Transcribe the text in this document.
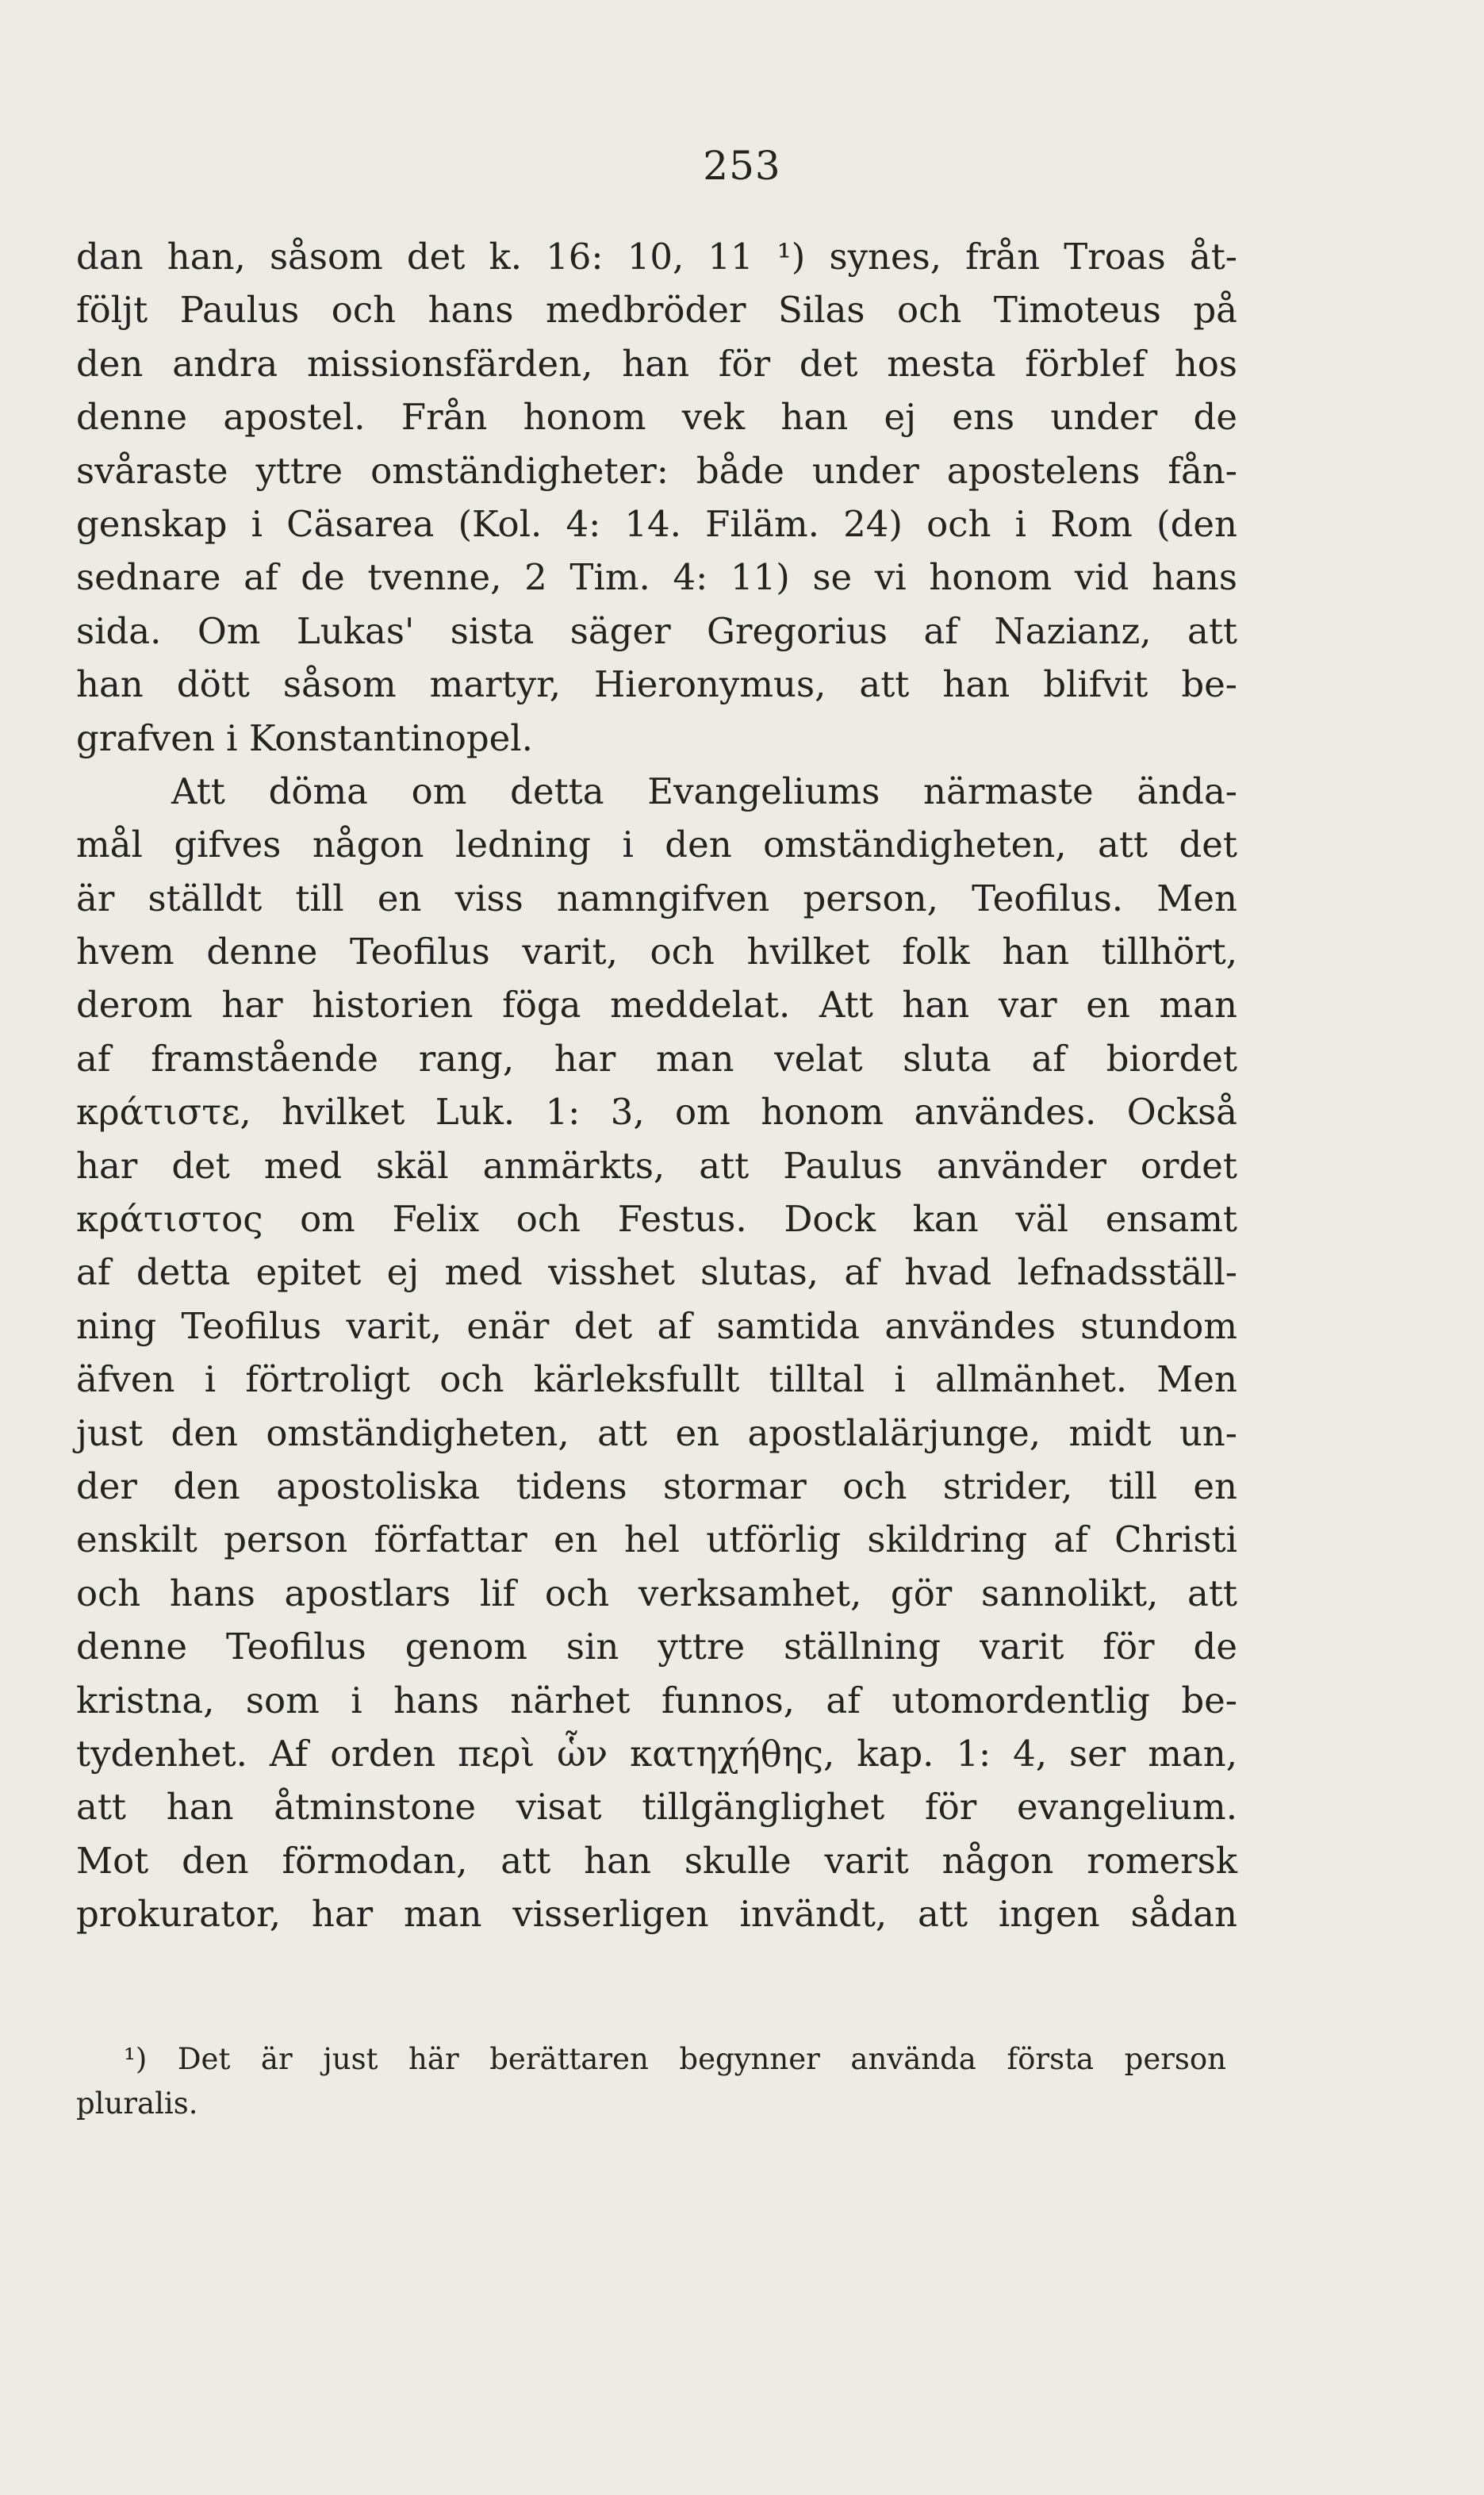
253
dan han, såsom det k. 16: 10, 11 ¹) synes, från Troas åt-
följt Paulus och hans medbröder Silas och Timoteus på
den andra missionsfärden, han för det mesta förblef hos
denne apostel. Från honom vek han ej ens under de
svåraste yttre omständigheter: både under apostelens fån-
genskap i Cäsarea (Kol. 4: 14. Filäm. 24) och i Rom (den
sednare af de tvenne, 2 Tim. 4: 11) se vi honom vid hans
sida. Om Lukas' sista säger Gregorius af Nazianz, att
han dött såsom martyr, Hieronymus, att han blifvit be-
grafven i Konstantinopel.
Att döma om detta Evangeliums närmaste ända-
mål gifves någon ledning i den omständigheten, att det
är ställdt till en viss namngifven person, Teofilus. Men
hvem denne Teofilus varit, och hvilket folk han tillhört,
derom har historien föga meddelat. Att han var en man
af framstående rang, har man velat sluta af biordet
κράτιστε, hvilket Luk. 1: 3, om honom användes. Också
har det med skäl anmärkts, att Paulus använder ordet
κράτιστος om Felix och Festus. Dock kan väl ensamt
af detta epitet ej med visshet slutas, af hvad lefnadsställ-
ning Teofilus varit, enär det af samtida användes stundom
äfven i förtroligt och kärleksfullt tilltal i allmänhet. Men
just den omständigheten, att en apostlalärjunge, midt un-
der den apostoliska tidens stormar och strider, till en
enskilt person författar en hel utförlig skildring af Christi
och hans apostlars lif och verksamhet, gör sannolikt, att
denne Teofilus genom sin yttre ställning varit för de
kristna, som i hans närhet funnos, af utomordentlig be-
tydenhet. Af orden περὶ ὧν κατηχήθης, kap. 1: 4, ser man,
att han åtminstone visat tillgänglighet för evangelium.
Mot den förmodan, att han skulle varit någon romersk
prokurator, har man visserligen invändt, att ingen sådan
¹) Det är just här berättaren begynner använda första person
pluralis.
